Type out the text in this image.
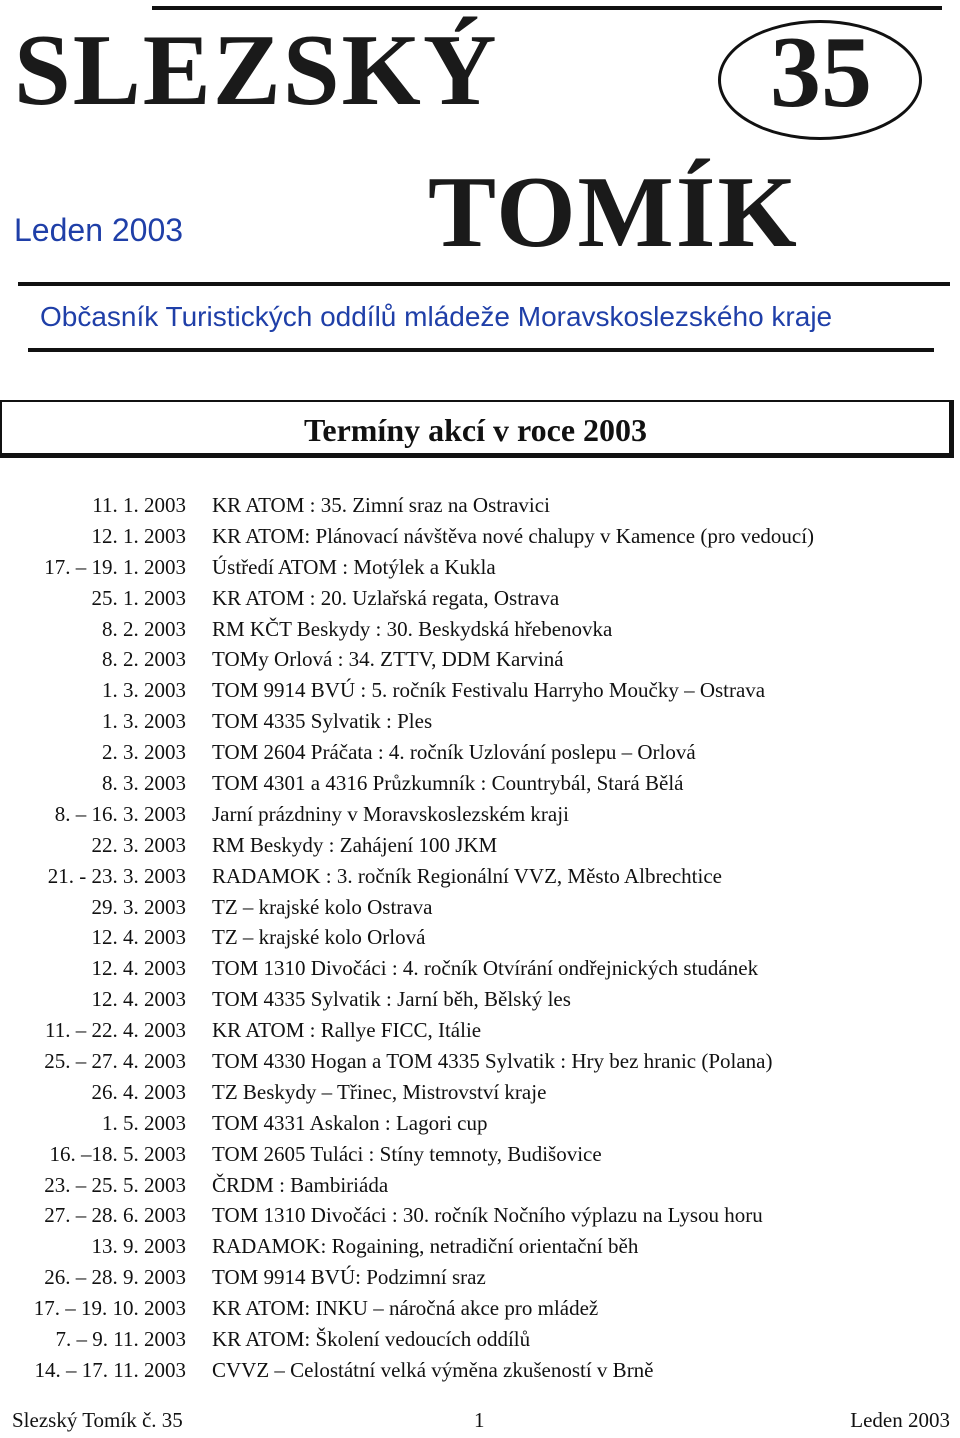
SLEZSKÝ	35
TOMÍK
Leden 2003
Občasník Turistických oddílů mládeže Moravskoslezského kraje
Termíny akcí v roce 2003
11. 1. 2003 KR ATOM : 35. Zimní sraz na Ostravici
12. 1. 2003 KR ATOM: Plánovací návštěva nové chalupy v Kamence (pro vedoucí)
17. – 19. 1. 2003 Ústředí ATOM : Motýlek a Kukla
25. 1. 2003 KR ATOM : 20. Uzlařská regata, Ostrava
8. 2. 2003 RM KČT Beskydy : 30. Beskydská hřebenovka
8. 2. 2003 TOMy Orlová : 34. ZTTV, DDM Karviná
1. 3. 2003 TOM 9914 BVÚ : 5. ročník Festivalu Harryho Moučky – Ostrava
1. 3. 2003 TOM 4335 Sylvatik : Ples
2. 3. 2003 TOM 2604 Práčata : 4. ročník Uzlování poslepu – Orlová
8. 3. 2003 TOM 4301 a 4316 Průzkumník : Countrybál, Stará Bělá
8. – 16. 3. 2003 Jarní prázdniny v Moravskoslezském kraji
22. 3. 2003 RM Beskydy : Zahájení 100 JKM
21. - 23. 3. 2003 RADAMOK : 3. ročník Regionální VVZ, Město Albrechtice
29. 3. 2003 TZ – krajské kolo Ostrava
12. 4. 2003 TZ – krajské kolo Orlová
12. 4. 2003 TOM 1310 Divočáci : 4. ročník Otvírání ondřejnických studánek
12. 4. 2003 TOM 4335 Sylvatik : Jarní běh, Bělský les
11. – 22. 4. 2003 KR ATOM : Rallye FICC, Itálie
25. – 27. 4. 2003 TOM 4330 Hogan a TOM 4335 Sylvatik : Hry bez hranic (Polana)
26. 4. 2003 TZ Beskydy – Třinec, Mistrovství kraje
1. 5. 2003 TOM 4331 Askalon : Lagori cup
16. –18. 5. 2003 TOM 2605 Tuláci : Stíny temnoty, Budišovice
23. – 25. 5. 2003 ČRDM : Bambiriáda
27. – 28. 6. 2003 TOM 1310 Divočáci : 30. ročník Nočního výplazu na Lysou horu
13. 9. 2003 RADAMOK: Rogaining, netradiční orientační běh
26. – 28. 9. 2003 TOM 9914 BVÚ: Podzimní sraz
17. – 19. 10. 2003 KR ATOM: INKU – náročná akce pro mládež
7. – 9. 11. 2003 KR ATOM: Školení vedoucích oddílů
14. – 17. 11. 2003 CVVZ – Celostátní velká výměna zkušeností v Brně
Slezský Tomík č. 35	1	Leden 2003
